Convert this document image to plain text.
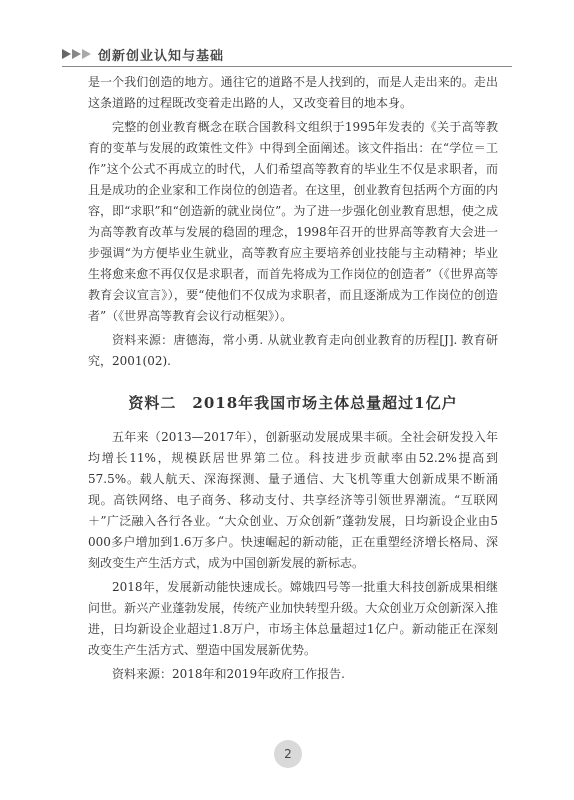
创新创业认知与基础

是一个我们创造的地方。通往它的道路不是人找到的，而是人走出来的。走出这条道路的过程既改变着走出路的人，又改变着目的地本身。

完整的创业教育概念在联合国教科文组织于1995年发表的《关于高等教育的变革与发展的政策性文件》中得到全面阐述。该文件指出：在“学位＝工作”这个公式不再成立的时代，人们希望高等教育的毕业生不仅是求职者，而且是成功的企业家和工作岗位的创造者。在这里，创业教育包括两个方面的内容，即“求职”和“创造新的就业岗位”。为了进一步强化创业教育思想，使之成为高等教育改革与发展的稳固的理念，1998年召开的世界高等教育大会进一步强调“为方便毕业生就业，高等教育应主要培养创业技能与主动精神；毕业生将愈来愈不再仅仅是求职者，而首先将成为工作岗位的创造者”（《世界高等教育会议宣言》），要“使他们不仅成为求职者，而且逐渐成为工作岗位的创造者”（《世界高等教育会议行动框架》）。

资料来源：唐德海，常小勇. 从就业教育走向创业教育的历程[J]. 教育研究，2001(02).

资料二　2018年我国市场主体总量超过1亿户

五年来（2013—2017年），创新驱动发展成果丰硕。全社会研发投入年均增长11%，规模跃居世界第二位。科技进步贡献率由52.2%提高到57.5%。载人航天、深海探测、量子通信、大飞机等重大创新成果不断涌现。高铁网络、电子商务、移动支付、共享经济等引领世界潮流。“互联网＋”广泛融入各行各业。“大众创业、万众创新”蓬勃发展，日均新设企业由5 000多户增加到1.6万多户。快速崛起的新动能，正在重塑经济增长格局、深刻改变生产生活方式，成为中国创新发展的新标志。

2018年，发展新动能快速成长。嫦娥四号等一批重大科技创新成果相继问世。新兴产业蓬勃发展，传统产业加快转型升级。大众创业万众创新深入推进，日均新设企业超过1.8万户，市场主体总量超过1亿户。新动能正在深刻改变生产生活方式、塑造中国发展新优势。

资料来源：2018年和2019年政府工作报告.

2
